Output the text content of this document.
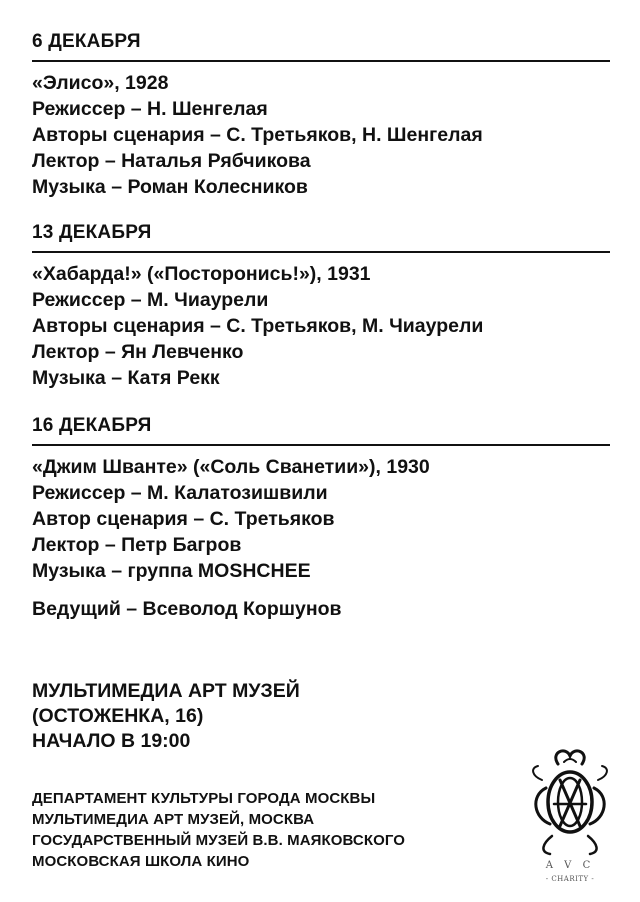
6 ДЕКАБРЯ
«Элисо», 1928
Режиссер – Н. Шенгелая
Авторы сценария – С. Третьяков, Н. Шенгелая
Лектор – Наталья Рябчикова
Музыка – Роман Колесников
13 ДЕКАБРЯ
«Хабарда!» («Посторонись!»), 1931
Режиссер – М. Чиаурели
Авторы сценария – С. Третьяков, М. Чиаурели
Лектор – Ян Левченко
Музыка – Катя Рекк
16 ДЕКАБРЯ
«Джим Шванте» («Соль Сванетии»), 1930
Режиссер – М. Калатозишвили
Автор сценария – С. Третьяков
Лектор – Петр Багров
Музыка – группа MOSHCHEE
Ведущий – Всеволод Коршунов
МУЛЬТИМЕДИА АРТ МУЗЕЙ
(ОСТОЖЕНКА, 16)
НАЧАЛО В 19:00
ДЕПАРТАМЕНТ КУЛЬТУРЫ ГОРОДА МОСКВЫ
МУЛЬТИМЕДИА АРТ МУЗЕЙ, МОСКВА
ГОСУДАРСТВЕННЫЙ МУЗЕЙ В.В. МАЯКОВСКОГО
МОСКОВСКАЯ ШКОЛА КИНО	A V C
- CHARITY -
